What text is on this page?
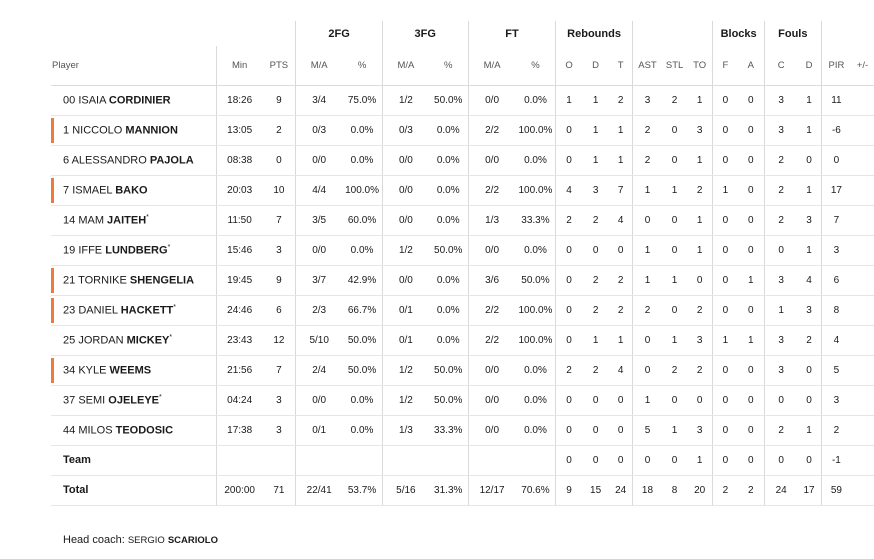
			2FG		3FG		FT		Rebounds						Blocks		Fouls			
Player	Min	PTS	M/A	%	M/A	%	M/A	%	O	D	T	AST	STL	TO	F	A	C	D	PIR	+/-
00 ISAIA CORDINIER	18:26	9	3/4	75.0%	1/2	50.0%	0/0	0.0%	1	1	2	3	2	1	0	0	3	1	11	
1 NICCOLO MANNION	13:05	2	0/3	0.0%	0/3	0.0%	2/2	100.0%	0	1	1	2	0	3	0	0	3	1	-6	
6 ALESSANDRO PAJOLA	08:38	0	0/0	0.0%	0/0	0.0%	0/0	0.0%	0	1	1	2	0	1	0	0	2	0	0	
7 ISMAEL BAKO	20:03	10	4/4	100.0%	0/0	0.0%	2/2	100.0%	4	3	7	1	1	2	1	0	2	1	17	
14 MAM JAITEH*	11:50	7	3/5	60.0%	0/0	0.0%	1/3	33.3%	2	2	4	0	0	1	0	0	2	3	7	
19 IFFE LUNDBERG*	15:46	3	0/0	0.0%	1/2	50.0%	0/0	0.0%	0	0	0	1	0	1	0	0	0	1	3	
21 TORNIKE SHENGELIA	19:45	9	3/7	42.9%	0/0	0.0%	3/6	50.0%	0	2	2	1	1	0	0	1	3	4	6	
23 DANIEL HACKETT*	24:46	6	2/3	66.7%	0/1	0.0%	2/2	100.0%	0	2	2	2	0	2	0	0	1	3	8	
25 JORDAN MICKEY*	23:43	12	5/10	50.0%	0/1	0.0%	2/2	100.0%	0	1	1	0	1	3	1	1	3	2	4	
34 KYLE WEEMS	21:56	7	2/4	50.0%	1/2	50.0%	0/0	0.0%	2	2	4	0	2	2	0	0	3	0	5	
37 SEMI OJELEYE*	04:24	3	0/0	0.0%	1/2	50.0%	0/0	0.0%	0	0	0	1	0	0	0	0	0	0	3	
44 MILOS TEODOSIC	17:38	3	0/1	0.0%	1/3	33.3%	0/0	0.0%	0	0	0	5	1	3	0	0	2	1	2	
Team									0	0	0	0	0	1	0	0	0	0	-1	
Total	200:00	71	22/41	53.7%	5/16	31.3%	12/17	70.6%	9	15	24	18	8	20	2	2	24	17	59	
Head coach: SERGIO SCARIOLO
